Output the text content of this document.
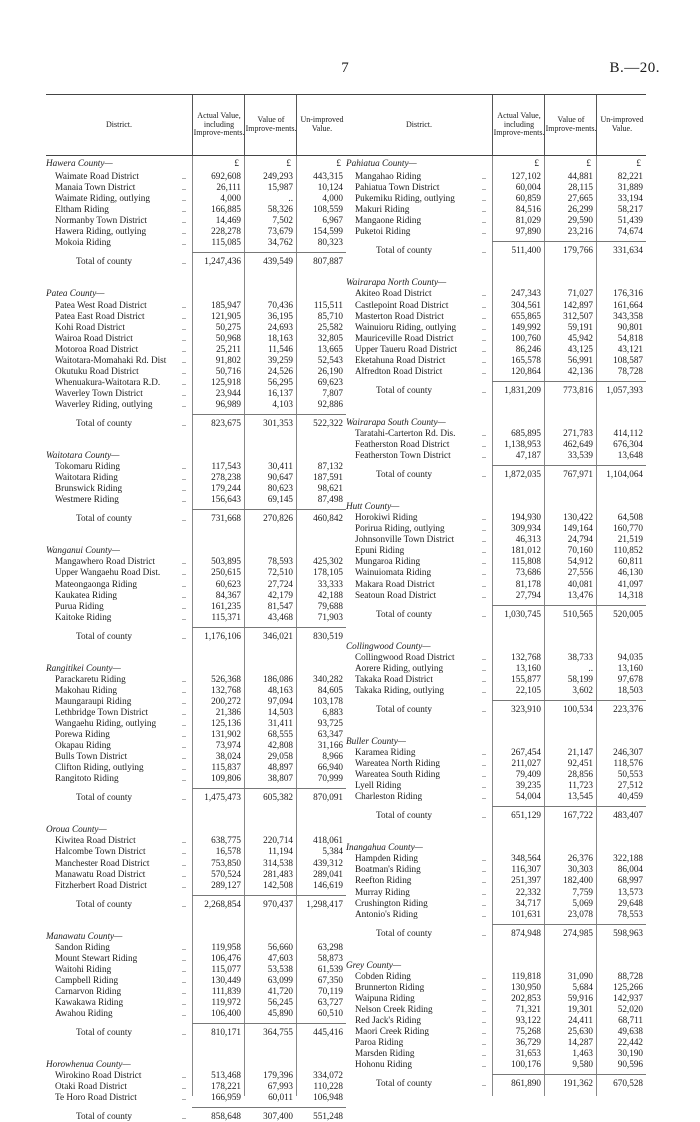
7	B.—20.
District.
Actual Value, including Improve-ments.
Value of Improve-ments.
Un-improved Value.
Hawera County—	£	£	£
Waimate Road District	..	692,608	249,293	443,315
Manaia Town District	..	26,111	15,987	10,124
Waimate Riding, outlying	..	4,000	..	4,000
Eltham Riding	..	166,885	58,326	108,559
Normanby Town District	..	14,469	7,502	6,967
Hawera Riding, outlying	..	228,278	73,679	154,599
Mokoia Riding	..	115,085	34,762	80,323
Total of county	..	1,247,436	439,549	807,887
Patea County—
Patea West Road District	..	185,947	70,436	115,511
Patea East Road District	..	121,905	36,195	85,710
Kohi Road District	..	50,275	24,693	25,582
Wairoa Road District	..	50,968	18,163	32,805
Motoroa Road District	..	25,211	11,546	13,665
Waitotara-Momahaki Rd. Dist	..	91,802	39,259	52,543
Okutuku Road District	..	50,716	24,526	26,190
Whenuakura-Waitotara R.D.	..	125,918	56,295	69,623
Waverley Town District	..	23,944	16,137	7,807
Waverley Riding, outlying	..	96,989	4,103	92,886
Total of county	..	823,675	301,353	522,322
Waitotara County—
Tokomaru Riding	..	117,543	30,411	87,132
Waitotara Riding	..	278,238	90,647	187,591
Brunswick Riding	..	179,244	80,623	98,621
Westmere Riding	..	156,643	69,145	87,498
Total of county	..	731,668	270,826	460,842
Wanganui County—
Mangawhero Road District	..	503,895	78,593	425,302
Upper Wangaehu Road Dist.	..	250,615	72,510	178,105
Mateongaonga Riding	..	60,623	27,724	33,333
Kaukatea Riding	..	84,367	42,179	42,188
Purua Riding	..	161,235	81,547	79,688
Kaitoke Riding	..	115,371	43,468	71,903
Total of county	..	1,176,106	346,021	830,519
Rangitikei County—
Parackaretu Riding	..	526,368	186,086	340,282
Makohau Riding	..	132,768	48,163	84,605
Maungaraupi Riding	..	200,272	97,094	103,178
Lethbridge Town District	..	21,386	14,503	6,883
Wangaehu Riding, outlying	..	125,136	31,411	93,725
Porewa Riding	..	131,902	68,555	63,347
Okapau Riding	..	73,974	42,808	31,166
Bulls Town District	..	38,024	29,058	8,966
Clifton Riding, outlying	..	115,837	48,897	66,940
Rangitoto Riding	..	109,806	38,807	70,999
Total of county	..	1,475,473	605,382	870,091
Oroua County—
Kiwitea Road District	..	638,775	220,714	418,061
Halcombe Town District	..	16,578	11,194	5,384
Manchester Road District	..	753,850	314,538	439,312
Manawatu Road District	..	570,524	281,483	289,041
Fitzherbert Road District	..	289,127	142,508	146,619
Total of county	..	2,268,854	970,437	1,298,417
Manawatu County—
Sandon Riding	..	119,958	56,660	63,298
Mount Stewart Riding	..	106,476	47,603	58,873
Waitohi Riding	..	115,077	53,538	61,539
Campbell Riding	..	130,449	63,099	67,350
Carnarvon Riding	..	111,839	41,720	70,119
Kawakawa Riding	..	119,972	56,245	63,727
Awahou Riding	..	106,400	45,890	60,510
Total of county	..	810,171	364,755	445,416
Horowhenua County—
Wirokino Road District	..	513,468	179,396	334,072
Otaki Road District	..	178,221	67,993	110,228
Te Horo Road District	..	166,959	60,011	106,948
Total of county	..	858,648	307,400	551,248
District.
Actual Value, including Improve-ments.
Value of Improve-ments.
Un-improved Value.
Pahiatua County—	£	£	£
Mangahao Riding	..	127,102	44,881	82,221
Pahiatua Town District	..	60,004	28,115	31,889
Pukemiku Riding, outlying	..	60,859	27,665	33,194
Makuri Riding	..	84,516	26,299	58,217
Mangaone Riding	..	81,029	29,590	51,439
Puketoi Riding	..	97,890	23,216	74,674
Total of county	..	511,400	179,766	331,634
Wairarapa North County—
Akiteo Road District	..	247,343	71,027	176,316
Castlepoint Road District	..	304,561	142,897	161,664
Masterton Road District	..	655,865	312,507	343,358
Wainuioru Riding, outlying	..	149,992	59,191	90,801
Mauriceville Road District	..	100,760	45,942	54,818
Upper Taueru Road District	..	86,246	43,125	43,121
Eketahuna Road District	..	165,578	56,991	108,587
Alfredton Road District	..	120,864	42,136	78,728
Total of county	..	1,831,209	773,816	1,057,393
Wairarapa South County—
Taratahi-Carterton Rd. Dis.	..	685,895	271,783	414,112
Featherston Road District	..	1,138,953	462,649	676,304
Featherston Town District	..	47,187	33,539	13,648
Total of county	..	1,872,035	767,971	1,104,064
Hutt County—
Horokiwi Riding	..	194,930	130,422	64,508
Porirua Riding, outlying	..	309,934	149,164	160,770
Johnsonville Town District	..	46,313	24,794	21,519
Epuni Riding	..	181,012	70,160	110,852
Mungaroa Riding	..	115,808	54,912	60,811
Wainuiomata Riding	..	73,686	27,556	46,130
Makara Road District	..	81,178	40,081	41,097
Seatoun Road District	..	27,794	13,476	14,318
Total of county	..	1,030,745	510,565	520,005
Collingwood County—
Collingwood Road District	..	132,768	38,733	94,035
Aorere Riding, outlying	..	13,160	..	13,160
Takaka Road District	..	155,877	58,199	97,678
Takaka Riding, outlying	..	22,105	3,602	18,503
Total of county	..	323,910	100,534	223,376
Buller County—
Karamea Riding	..	267,454	21,147	246,307
Wareatea North Riding	..	211,027	92,451	118,576
Wareatea South Riding	..	79,409	28,856	50,553
Lyell Riding	..	39,235	11,723	27,512
Charleston Riding	..	54,004	13,545	40,459
Total of county	..	651,129	167,722	483,407
Inangahua County—
Hampden Riding	..	348,564	26,376	322,188
Boatman's Riding	..	116,307	30,303	86,004
Reefton Riding	..	251,397	182,400	68,997
Murray Riding	..	22,332	7,759	13,573
Crushington Riding	..	34,717	5,069	29,648
Antonio's Riding	..	101,631	23,078	78,553
Total of county	..	874,948	274,985	598,963
Grey County—
Cobden Riding	..	119,818	31,090	88,728
Brunnerton Riding	..	130,950	5,684	125,266
Waipuna Riding	..	202,853	59,916	142,937
Nelson Creek Riding	..	71,321	19,301	52,020
Red Jack's Riding	..	93,122	24,411	68,711
Maori Creek Riding	..	75,268	25,630	49,638
Paroa Riding	..	36,729	14,287	22,442
Marsden Riding	..	31,653	1,463	30,190
Hohonu Riding	..	100,176	9,580	90,596
Total of county	..	861,890	191,362	670,528
